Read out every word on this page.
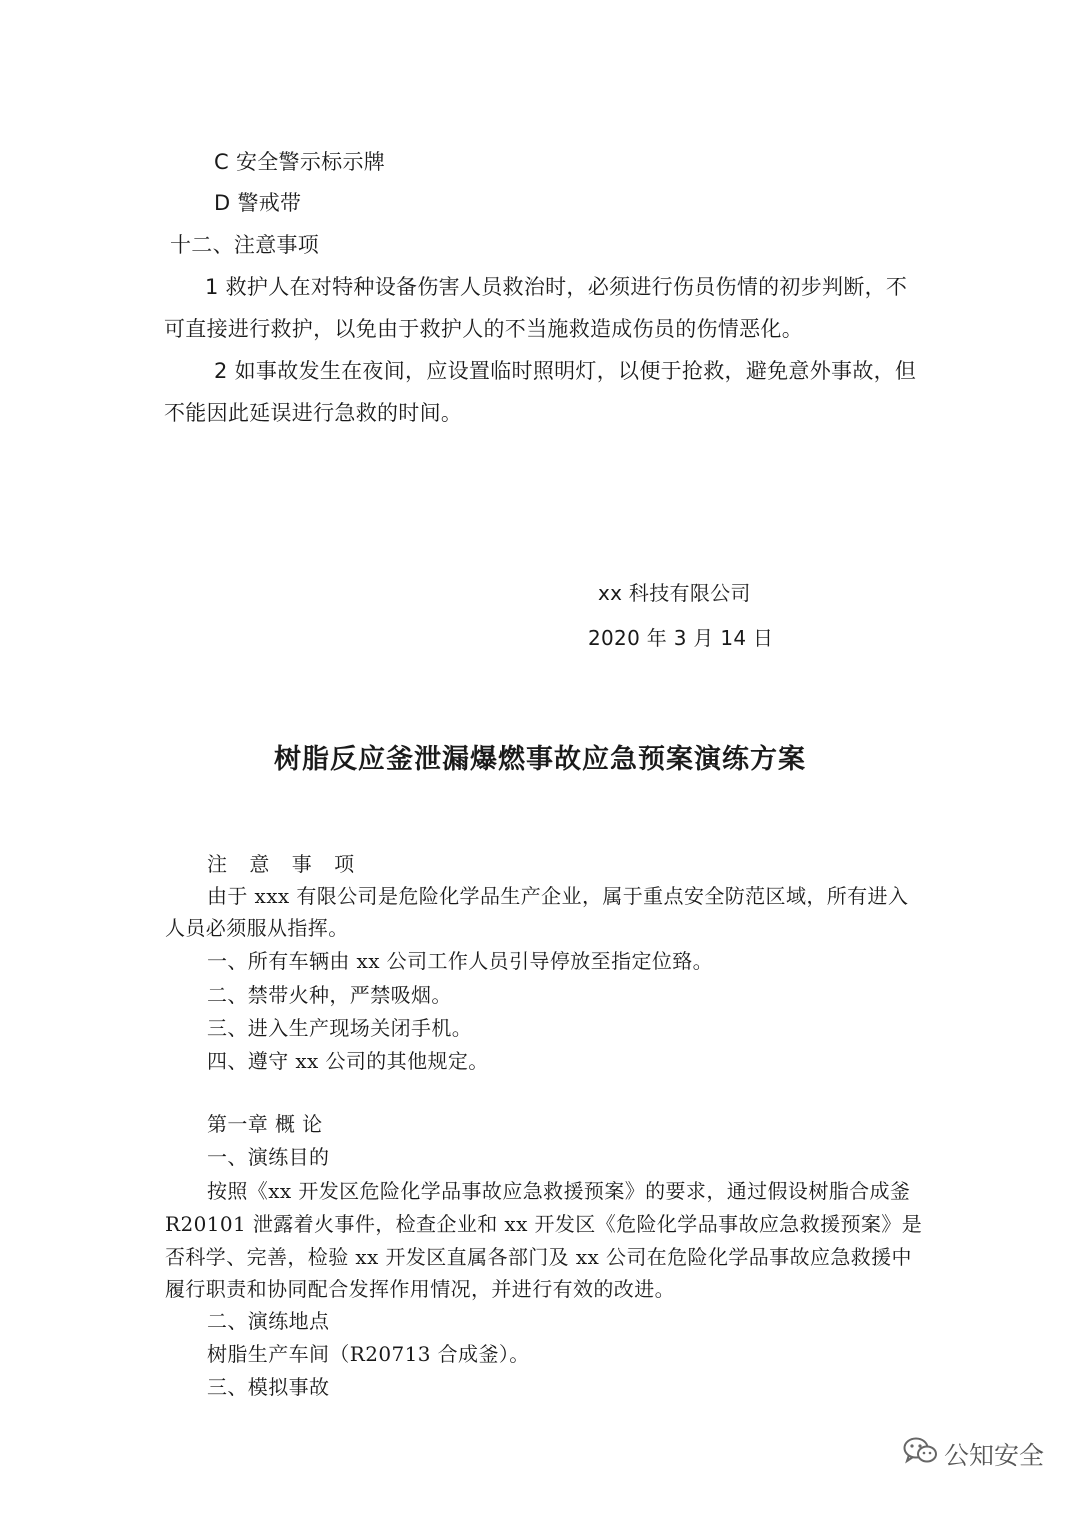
C 安全警示标示牌
D 警戒带
十二、注意事项
1 救护人在对特种设备伤害人员救治时，必须进行伤员伤情的初步判断，不
可直接进行救护，以免由于救护人的不当施救造成伤员的伤情恶化。
2 如事故发生在夜间，应设置临时照明灯，以便于抢救，避免意外事故，但
不能因此延误进行急救的时间。
xx 科技有限公司
2020 年 3 月 14 日
树脂反应釜泄漏爆燃事故应急预案演练方案
注 意 事 项
由于 xxx 有限公司是危险化学品生产企业，属于重点安全防范区域，所有进入
人员必须服从指挥。
一、所有车辆由 xx 公司工作人员引导停放至指定位臵。
二、禁带火种，严禁吸烟。
三、进入生产现场关闭手机。
四、遵守 xx 公司的其他规定。
第一章 概 论
一、演练目的
按照《xx 开发区危险化学品事故应急救援预案》的要求，通过假设树脂合成釜
R20101 泄露着火事件，检查企业和 xx 开发区《危险化学品事故应急救援预案》是
否科学、完善，检验 xx 开发区直属各部门及 xx 公司在危险化学品事故应急救援中
履行职责和协同配合发挥作用情况，并进行有效的改进。
二、演练地点
树脂生产车间（R20713 合成釜）。
三、模拟事故
公知安全
